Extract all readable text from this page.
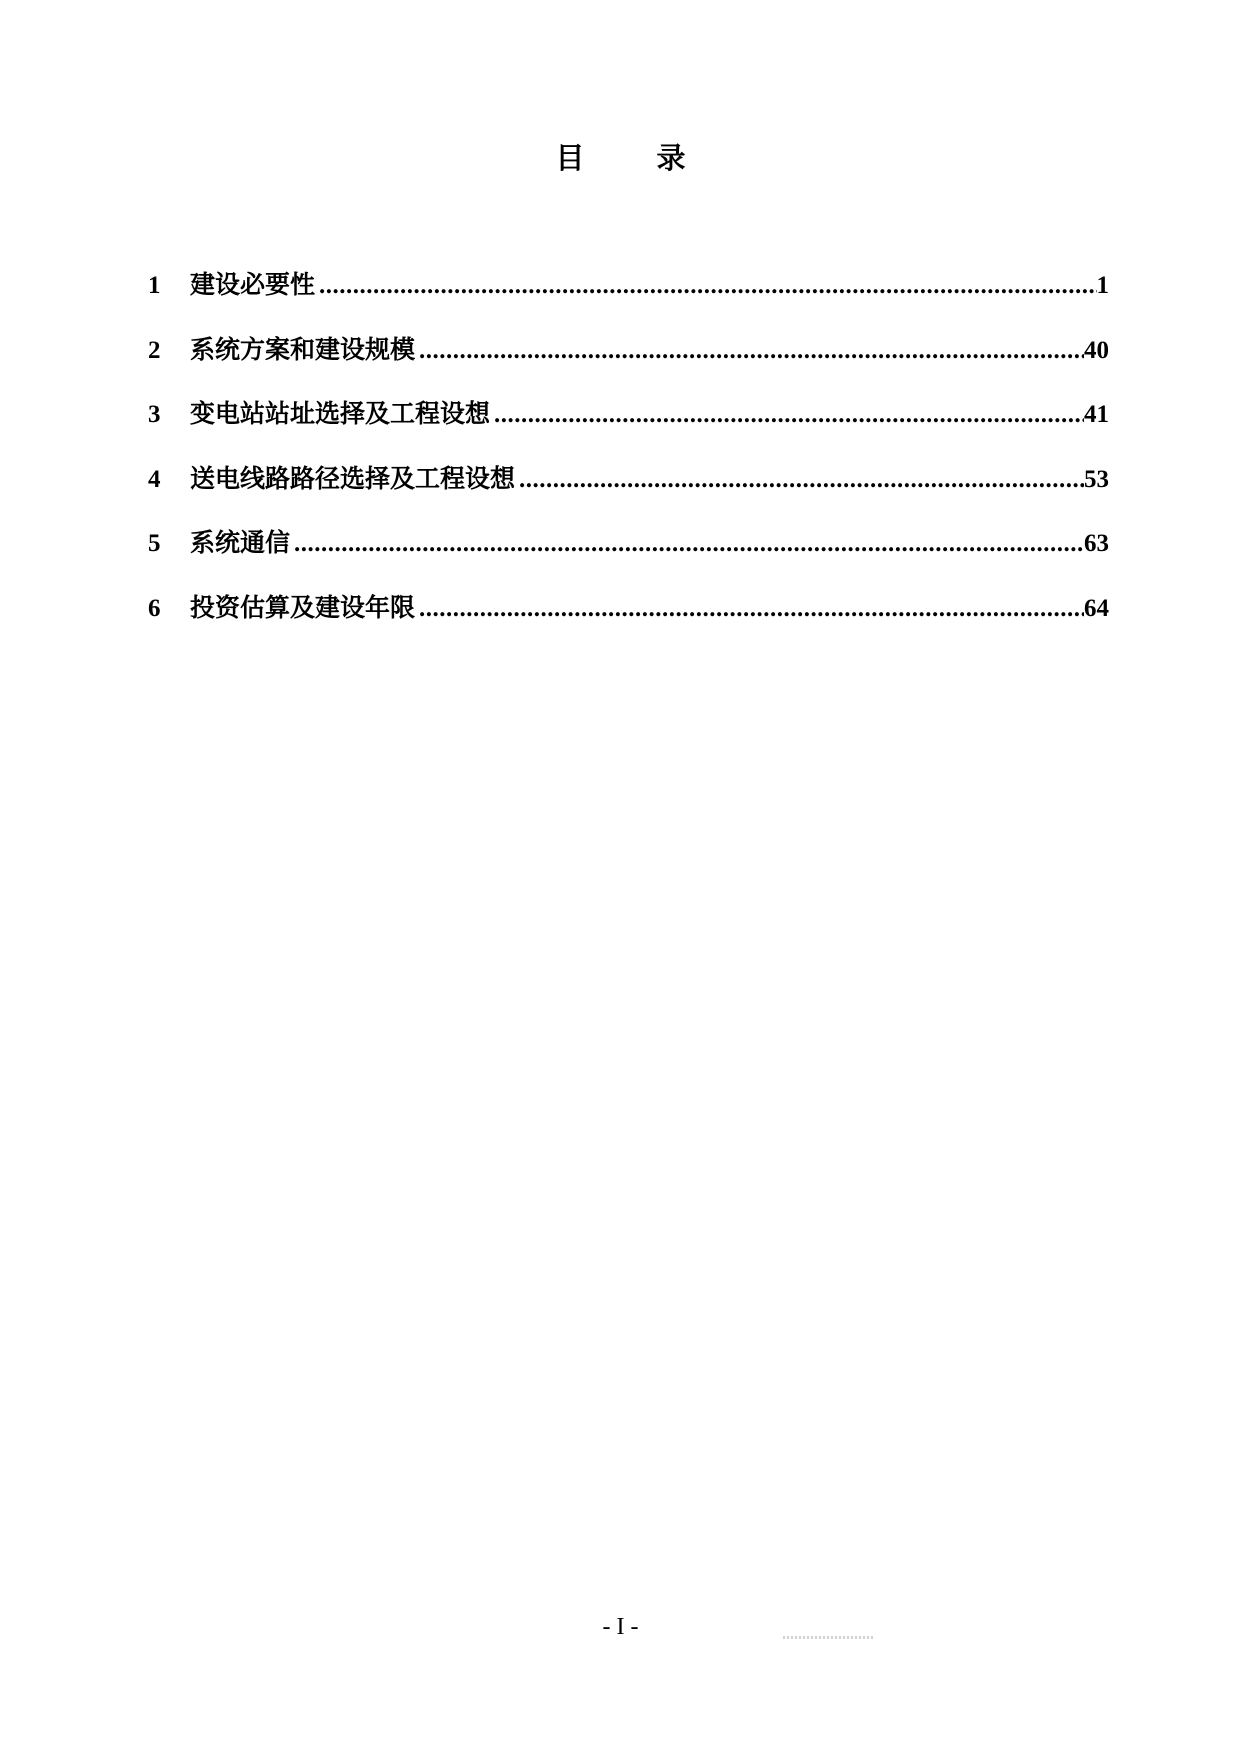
目 录
1	建设必要性 .....	1
2	系统方案和建设规模 .....	40
3	变电站站址选择及工程设想 .....	41
4	送电线路路径选择及工程设想 .....	53
5	系统通信 .....	63
6	投资估算及建设年限 .....	64
- I -
